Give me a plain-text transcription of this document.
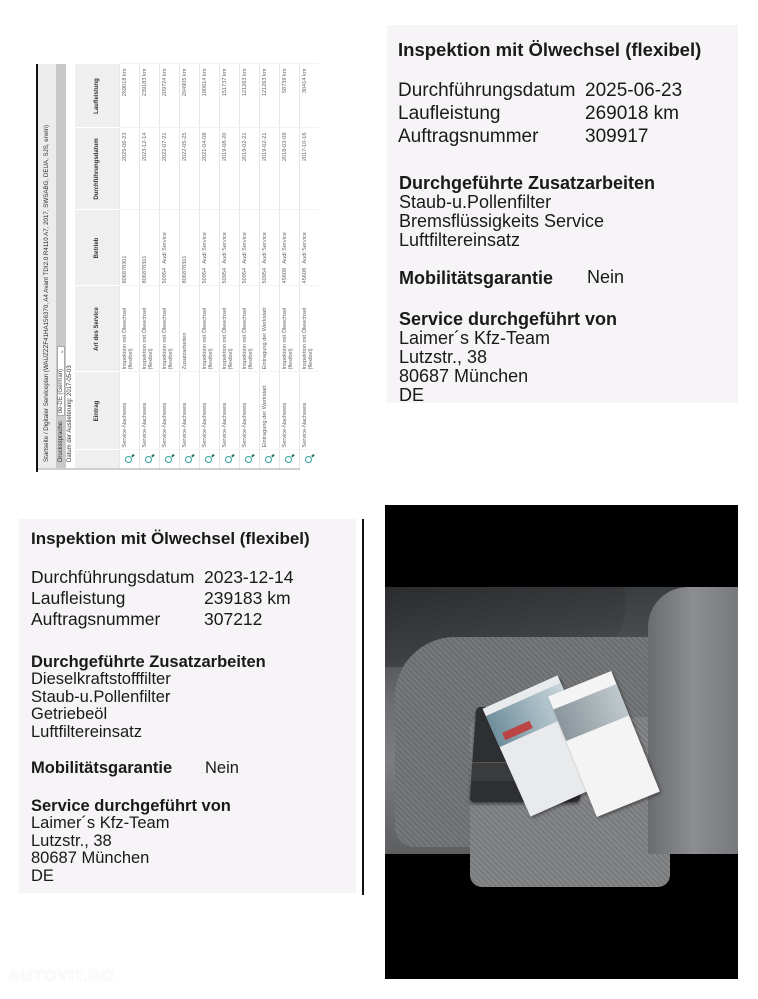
Startseite / Digitaler Serviceplan (WAUZZZF41HA156370, A4 Avant TDI2.0 R4110 A7, 2017, SWSABG, DEUA, SJS, erwin)	Druckssprache:
de-DE (German)
⌄
Datum der Auslieferung: 2017-05-03
		Eintrag	Art des Service	Betrieb	Durchführungsdatum	Laufleistung
	Service-Nachweis	Inspektion mit Ölwechsel (flexibel)	806878301	2025-06-23	269018 km
	Service-Nachweis	Inspektion mit Ölwechsel (flexibel)	806878301	2023-12-14	239183 km
	Service-Nachweis	Inspektion mit Ölwechsel (flexibel)	50954   Audi Service	2022-07-21	209724 km
	Service-Nachweis	Zusatzarbeiten	806878301	2022-05-25	204905 km
	Service-Nachweis	Inspektion mit Ölwechsel (flexibel)	50954   Audi Service	2021-04-08	180614 km
	Service-Nachweis	Inspektion mit Ölwechsel (flexibel)	50954   Audi Service	2019-08-20	151737 km
	Service-Nachweis	Inspektion mit Ölwechsel (flexibel)	50954   Audi Service	2019-02-21	121263 km
	Eintragung der Werkstatt	Eintragung der Werkstatt	50954   Audi Service	2019-02-21	121263 km
	Service-Nachweis	Inspektion mit Ölwechsel (flexibel)	45608   Audi Service	2018-03-09	58739 km
	Service-Nachweis	Inspektion mit Ölwechsel (flexibel)	45608   Audi Service	2017-10-16	30414 km
Inspektion mit Ölwechsel (flexibel)
Durchführungsdatum 2025-06-23
Laufleistung	269018 km
Auftragsnummer 309917
Durchgeführte Zusatzarbeiten
Staub-u.Pollenfilter
Bremsflüssigkeits Service
Luftfiltereinsatz
Mobilitätsgarantie Nein
Service durchgeführt von
Laimer´s Kfz-Team
Lutzstr., 38
80687 München
DE
Inspektion mit Ölwechsel (flexibel)
Durchführungsdatum 2023-12-14
Laufleistung	239183 km
Auftragsnummer 307212
Durchgeführte Zusatzarbeiten
Dieselkraftstofffilter
Staub-u.Pollenfilter
Getriebeöl
Luftfiltereinsatz
Mobilitätsgarantie Nein
Service durchgeführt von
Laimer´s Kfz-Team
Lutzstr., 38
80687 München
DE
AUTOVIT.RO
